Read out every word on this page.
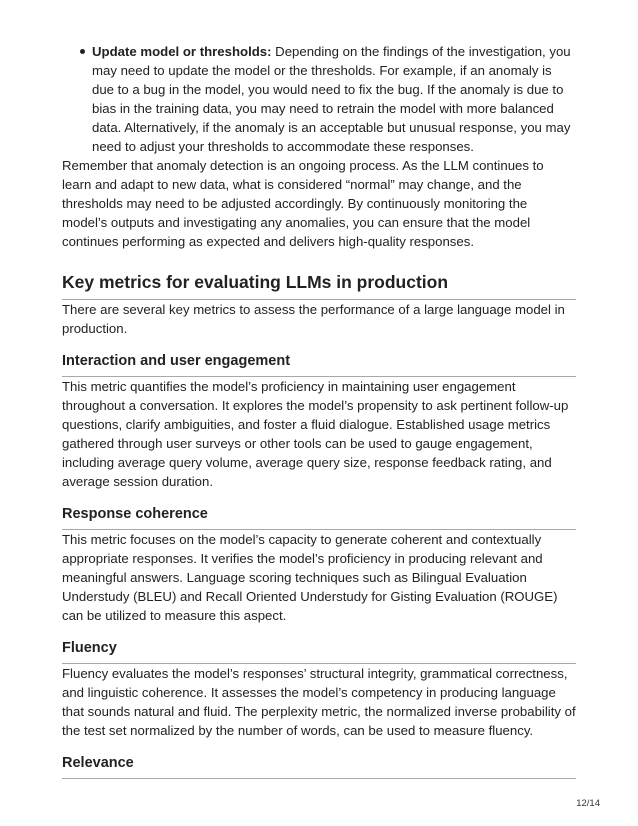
Update model or thresholds: Depending on the findings of the investigation, you may need to update the model or the thresholds. For example, if an anomaly is due to a bug in the model, you would need to fix the bug. If the anomaly is due to bias in the training data, you may need to retrain the model with more balanced data. Alternatively, if the anomaly is an acceptable but unusual response, you may need to adjust your thresholds to accommodate these responses.

Remember that anomaly detection is an ongoing process. As the LLM continues to learn and adapt to new data, what is considered “normal” may change, and the thresholds may need to be adjusted accordingly. By continuously monitoring the model’s outputs and investigating any anomalies, you can ensure that the model continues performing as expected and delivers high-quality responses.

Key metrics for evaluating LLMs in production

There are several key metrics to assess the performance of a large language model in production.

Interaction and user engagement

This metric quantifies the model’s proficiency in maintaining user engagement throughout a conversation. It explores the model’s propensity to ask pertinent follow-up questions, clarify ambiguities, and foster a fluid dialogue. Established usage metrics gathered through user surveys or other tools can be used to gauge engagement, including average query volume, average query size, response feedback rating, and average session duration.

Response coherence

This metric focuses on the model’s capacity to generate coherent and contextually appropriate responses. It verifies the model’s proficiency in producing relevant and meaningful answers. Language scoring techniques such as Bilingual Evaluation Understudy (BLEU) and Recall Oriented Understudy for Gisting Evaluation (ROUGE) can be utilized to measure this aspect.

Fluency

Fluency evaluates the model’s responses’ structural integrity, grammatical correctness, and linguistic coherence. It assesses the model’s competency in producing language that sounds natural and fluid. The perplexity metric, the normalized inverse probability of the test set normalized by the number of words, can be used to measure fluency.

Relevance
12/14
